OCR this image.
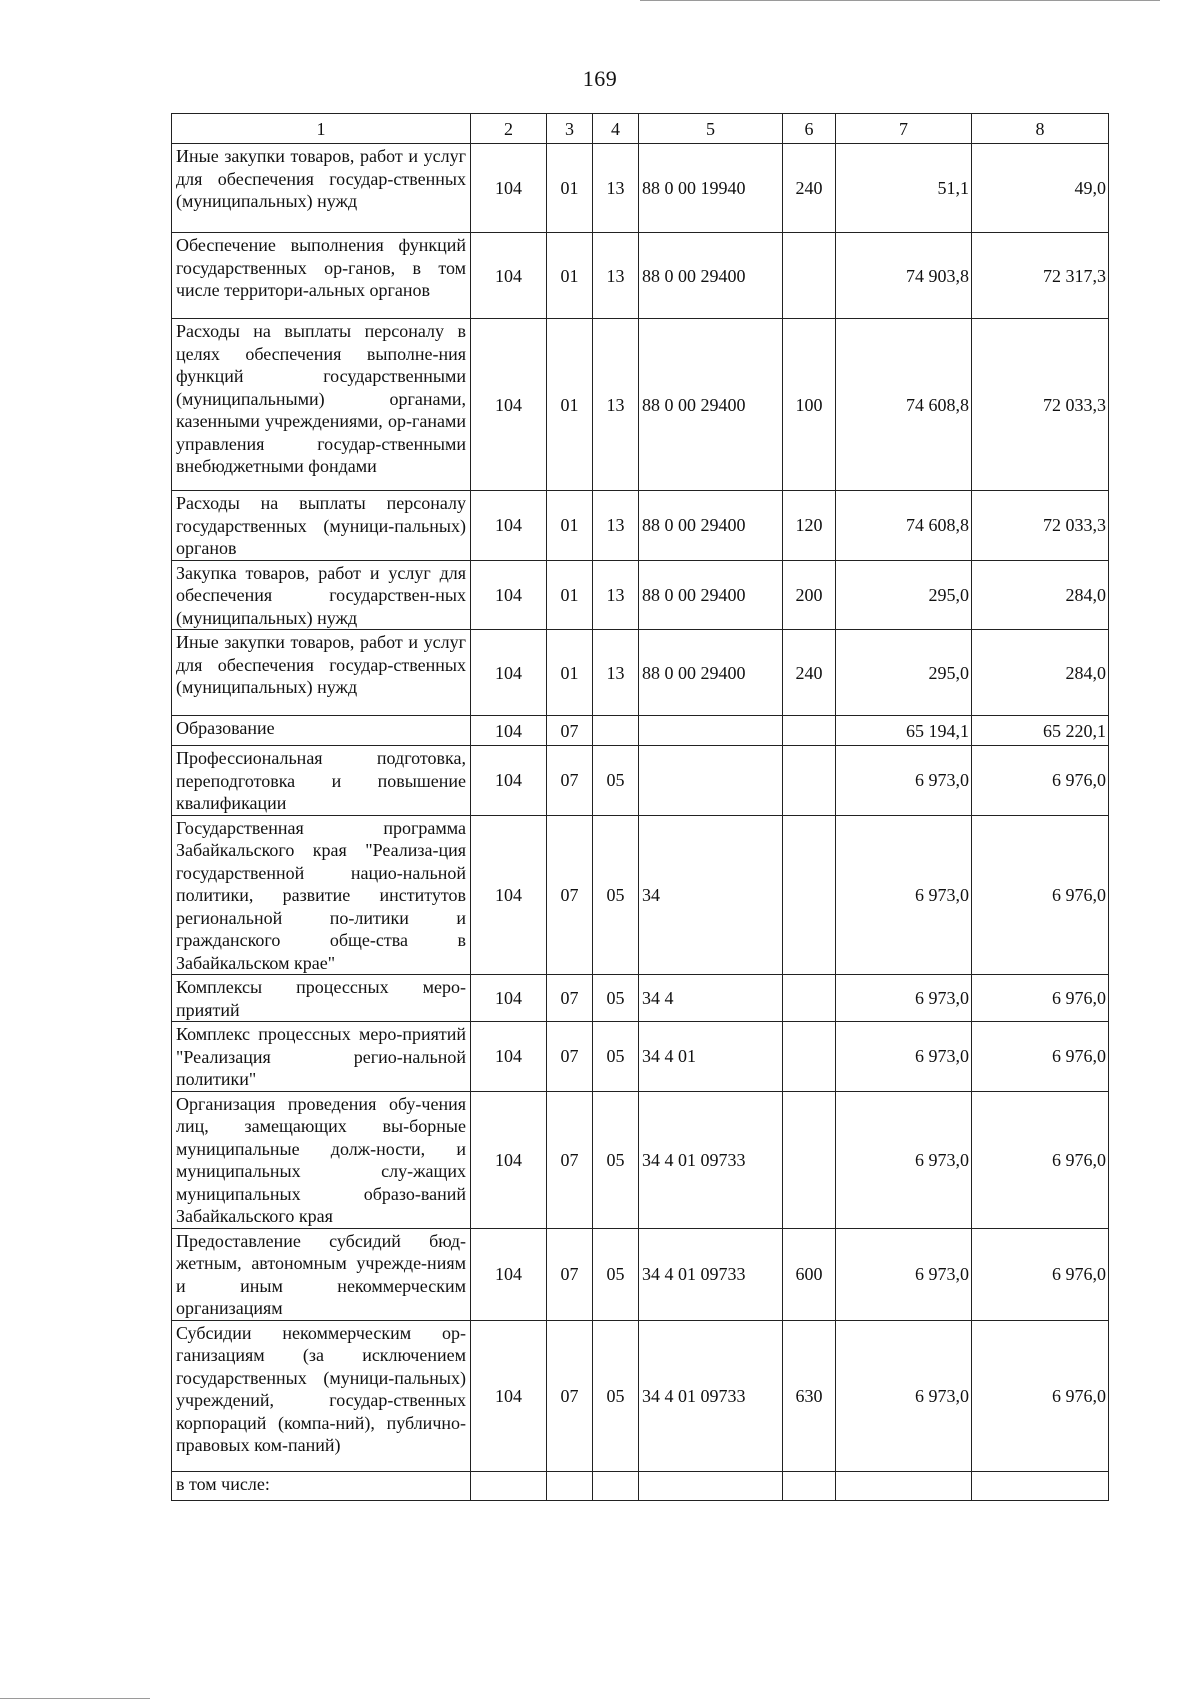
169
1	2	3	4	5	6	7	8
Иные закупки товаров, работ и услуг для обеспечения государ-ственных (муниципальных) нужд	104	01	13	88 0 00 19940	240	51,1	49,0
Обеспечение выполнения функций государственных ор-ганов, в том числе территори-альных органов	104	01	13	88 0 00 29400		74 903,8	72 317,3
Расходы на выплаты персоналу в целях обеспечения выполне-ния функций государственными (муниципальными) органами, казенными учреждениями, ор-ганами управления государ-ственными внебюджетными фондами	104	01	13	88 0 00 29400	100	74 608,8	72 033,3
Расходы на выплаты персоналу государственных (муници-пальных) органов	104	01	13	88 0 00 29400	120	74 608,8	72 033,3
Закупка товаров, работ и услуг для обеспечения государствен-ных (муниципальных) нужд	104	01	13	88 0 00 29400	200	295,0	284,0
Иные закупки товаров, работ и услуг для обеспечения государ-ственных (муниципальных) нужд	104	01	13	88 0 00 29400	240	295,0	284,0
Образование	104	07				65 194,1	65 220,1
Профессиональная подготовка, переподготовка и повышение квалификации	104	07	05			6 973,0	6 976,0
Государственная программа Забайкальского края "Реализа-ция государственной нацио-нальной политики, развитие институтов региональной по-литики и гражданского обще-ства в Забайкальском крае"	104	07	05	34		6 973,0	6 976,0
Комплексы процессных меро-приятий	104	07	05	34 4		6 973,0	6 976,0
Комплекс процессных меро-приятий "Реализация регио-нальной политики"	104	07	05	34 4 01		6 973,0	6 976,0
Организация проведения обу-чения лиц, замещающих вы-борные муниципальные долж-ности, и муниципальных слу-жащих муниципальных образо-ваний Забайкальского края	104	07	05	34 4 01 09733		6 973,0	6 976,0
Предоставление субсидий бюд-жетным, автономным учрежде-ниям и иным некоммерческим организациям	104	07	05	34 4 01 09733	600	6 973,0	6 976,0
Субсидии некоммерческим ор-ганизациям (за исключением государственных (муници-пальных) учреждений, государ-ственных корпораций (компа-ний), публично-правовых ком-паний)	104	07	05	34 4 01 09733	630	6 973,0	6 976,0
в том числе:							
